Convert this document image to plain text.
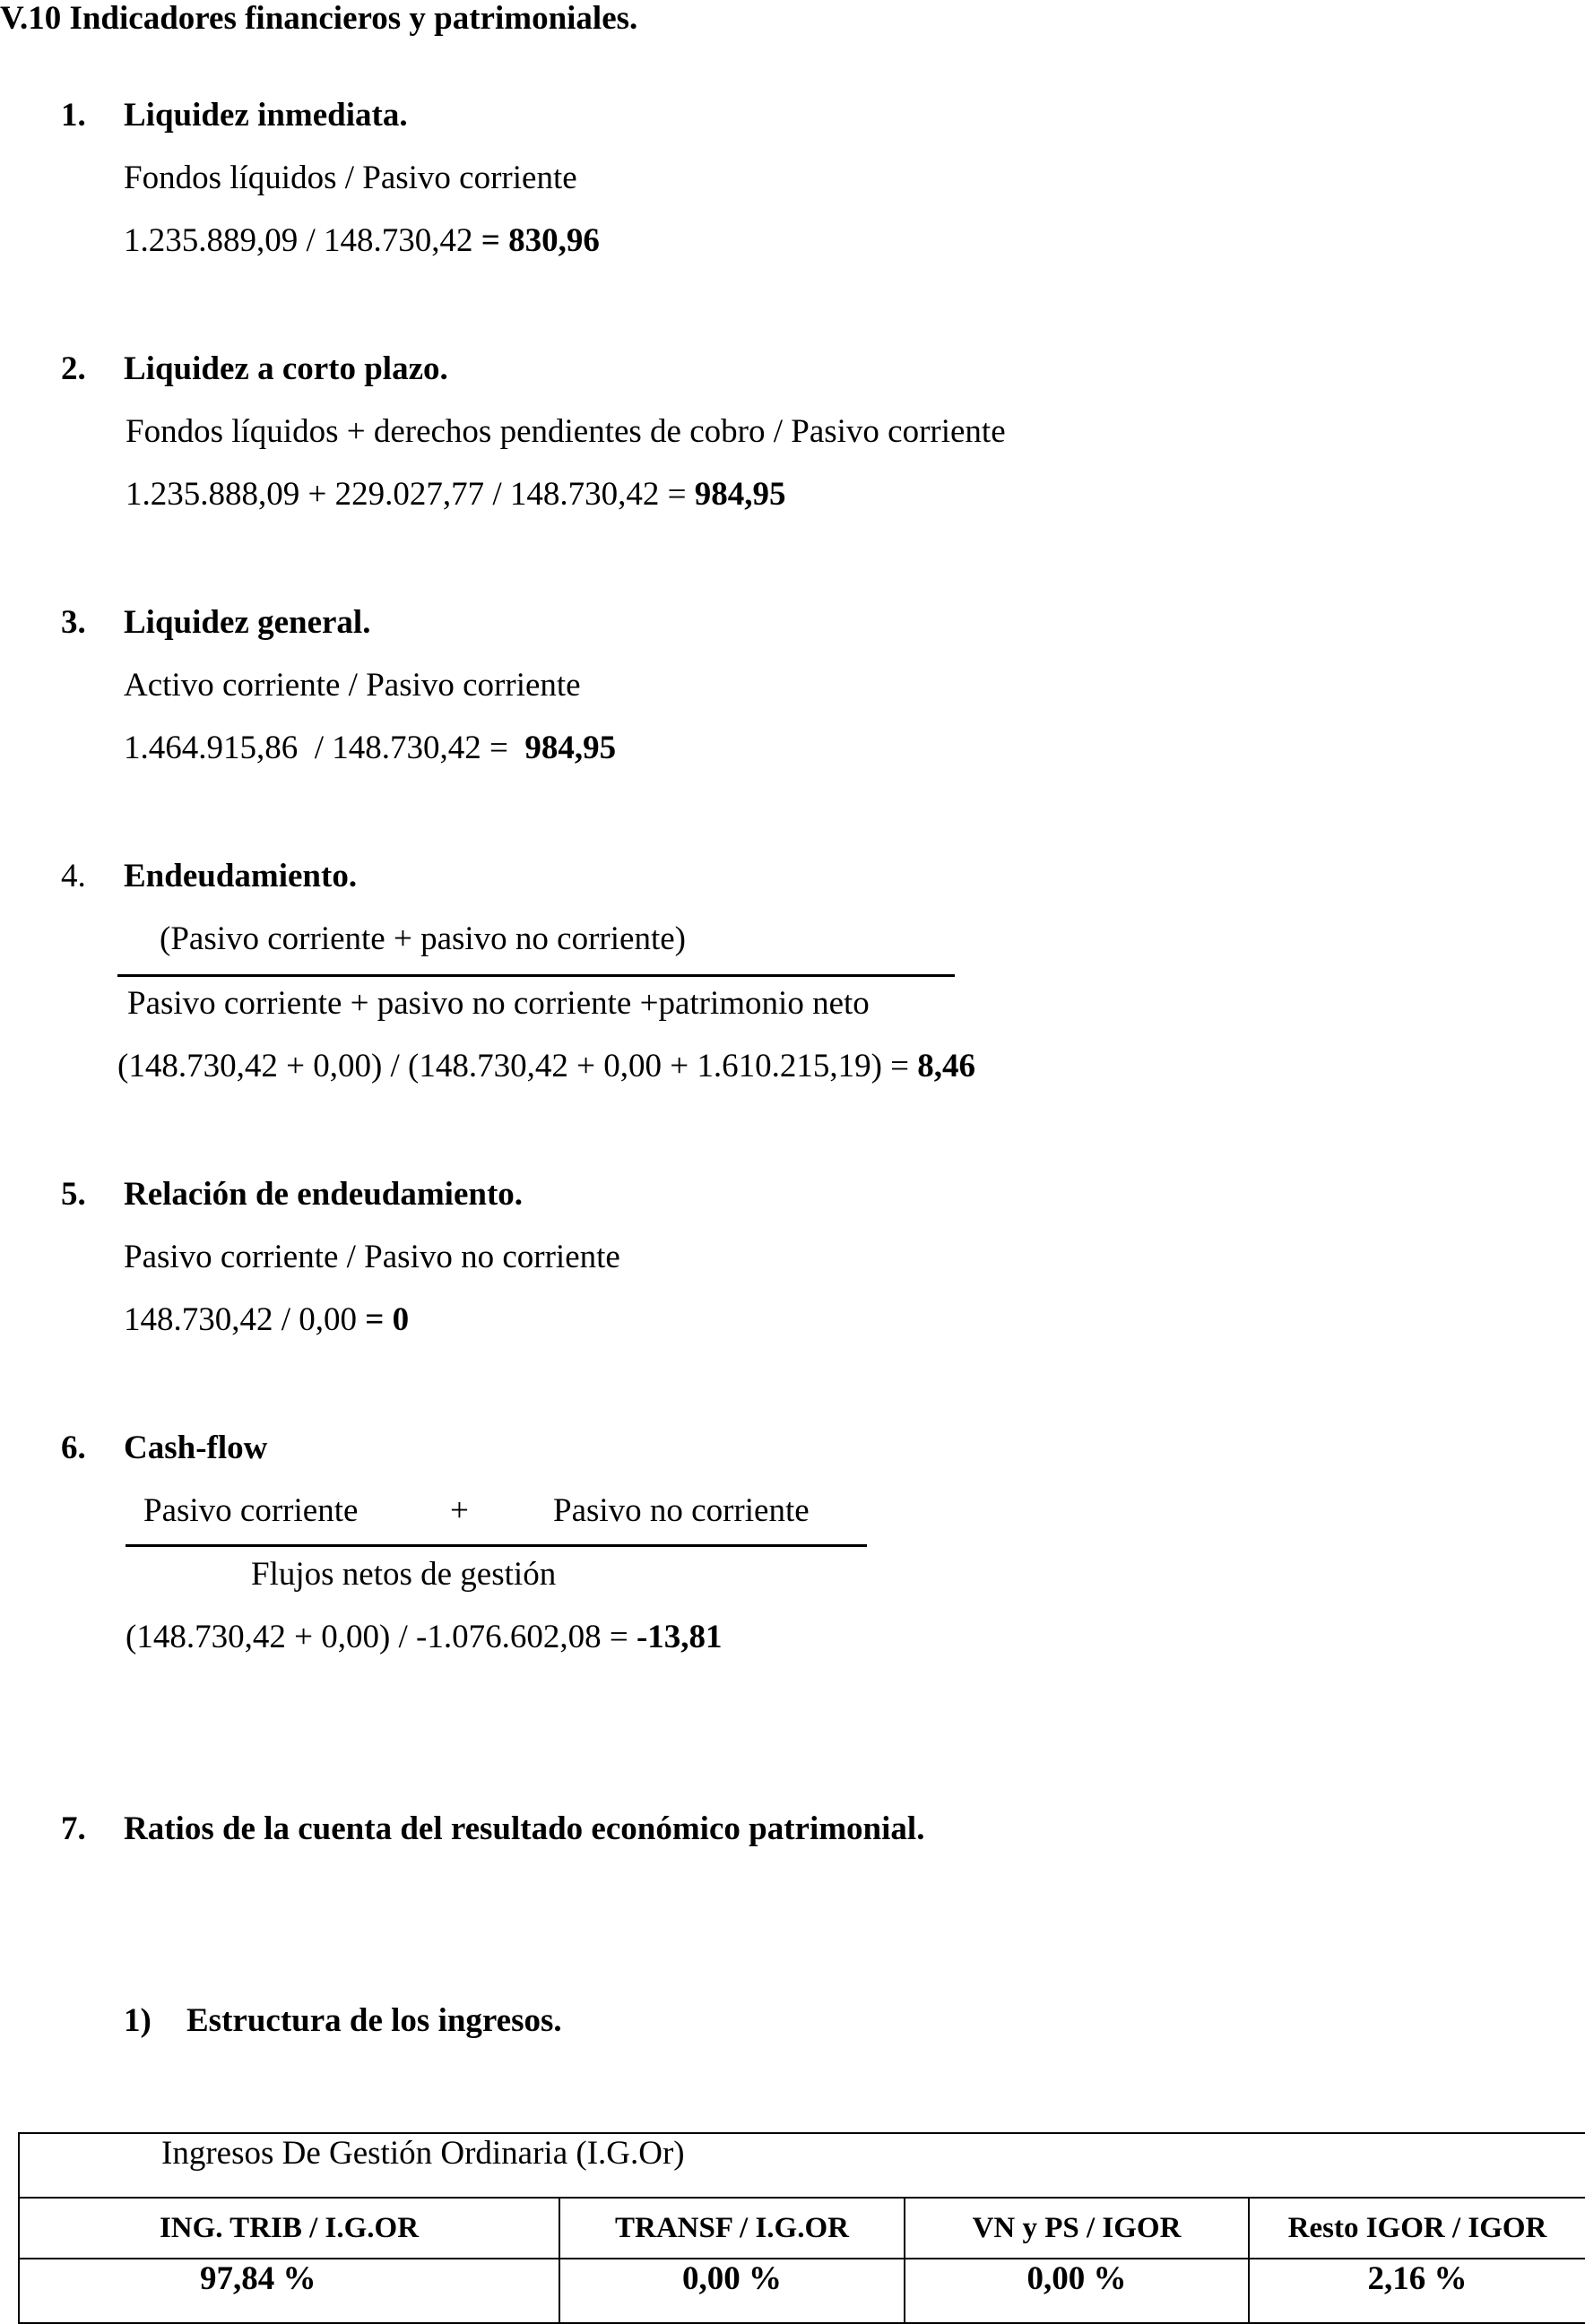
V.10 Indicadores financieros y patrimoniales.
1. Liquidez inmediata.
Fondos líquidos / Pasivo corriente
1.235.889,09 / 148.730,42 = 830,96
2. Liquidez a corto plazo.
Fondos líquidos + derechos pendientes de cobro / Pasivo corriente
1.235.888,09 + 229.027,77 / 148.730,42 = 984,95
3. Liquidez general.
Activo corriente / Pasivo corriente
1.464.915,86  / 148.730,42 =  984,95
4. Endeudamiento.
(Pasivo corriente + pasivo no corriente)
Pasivo corriente + pasivo no corriente +patrimonio neto
(148.730,42 + 0,00) / (148.730,42 + 0,00 + 1.610.215,19) = 8,46
5. Relación de endeudamiento.
Pasivo corriente / Pasivo no corriente
148.730,42 / 0,00 = 0
6. Cash-flow
Pasivo corriente	+	Pasivo no corriente
Flujos netos de gestión
(148.730,42 + 0,00) / -1.076.602,08 = -13,81
7. Ratios de la cuenta del resultado económico patrimonial.
1) Estructura de los ingresos.
Ingresos De Gestión Ordinaria (I.G.Or)			
ING. TRIB / I.G.OR	TRANSF / I.G.OR	VN y PS / IGOR	Resto IGOR / IGOR
97,84 %	0,00 %	0,00 %	2,16 %
